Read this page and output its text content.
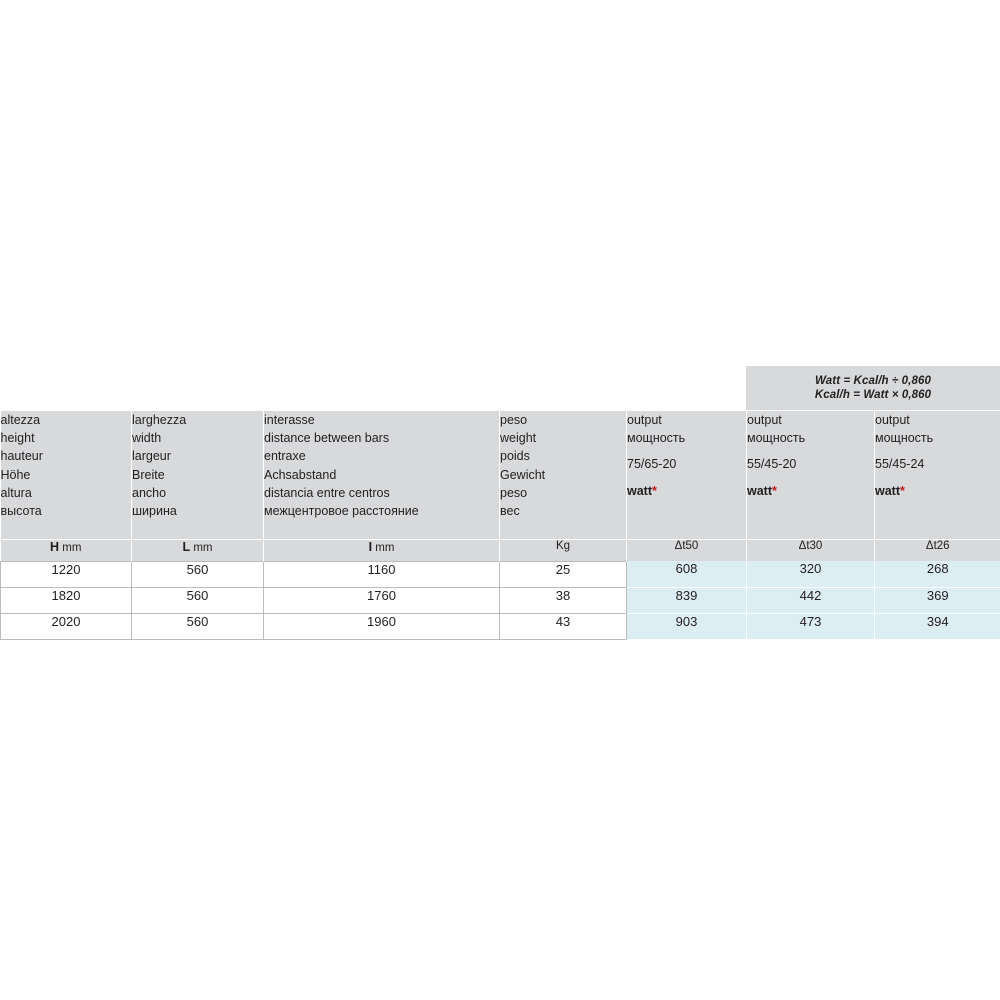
Watt = Kcal/h ÷ 0,860
Kcal/h = Watt × 0,860
altezza
height
hauteur
Höhe
altura
высота

larghezza
width
largeur
Breite
ancho
ширина

interasse
distance between bars
entraxe
Achsabstand
distancia entre centros
межцентровое расстояние

peso
weight
poids
Gewicht
peso
вес

output
мощность
75/65-20
watt*

output
мощность
55/45-20
watt*

output
мощность
55/45-24
watt*

H mm	L mm	I mm	Kg	Δt50	Δt30	Δt26
1220	560	1160	25	608	320	268
1820	560	1760	38	839	442	369
2020	560	1960	43	903	473	394
